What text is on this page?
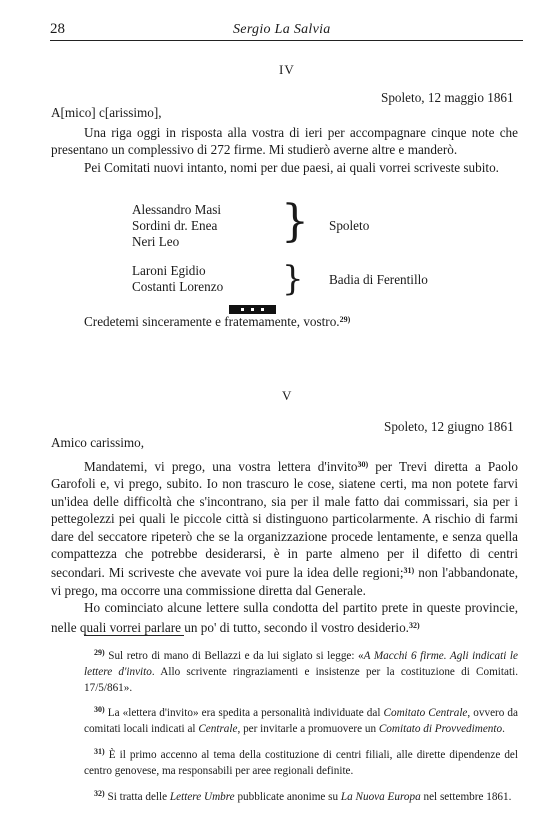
28	Sergio La Salvia
IV
Spoleto, 12 maggio 1861
A[mico] c[arissimo],

Una riga oggi in risposta alla vostra di ieri per accompagnare cinque note che presentano un complessivo di 272 firme. Mi studierò averne altre e manderò.

Pei Comitati nuovi intanto, nomi per due paesi, ai quali vorrei scriveste subito.

Alessandro Masi
Sordini dr. Enea
Neri Leo	} Spoleto
Laroni Egidio
Costanti Lorenzo } Badia di Ferentillo
Credetemi sinceramente e fratemamente, vostro.$^{29)}$
V
Spoleto, 12 giugno 1861
Amico carissimo,

Mandatemi, vi prego, una vostra lettera d'invito$^{30)}$ per Trevi diretta a Paolo Garofoli e, vi prego, subito. Io non trascuro le cose, siatene certi, ma non potete farvi un'idea delle difficoltà che s'incontrano, sia per il male fatto dai commissari, sia per i pettegolezzi pei quali le piccole città si distinguono particolarmente. A rischio di farmi dare del seccatore ripeterò che se la organizzazione procede lentamente, e senza quella compattezza che potrebbe desiderarsi, è in parte almeno per il difetto di centri secondari. Mi scriveste che avevate voi pure la idea delle regioni;$^{31)}$ non l'abbandonate, vi prego, ma occorre una commissione diretta dal Generale.

Ho cominciato alcune lettere sulla condotta del partito prete in queste provincie, nelle quali vorrei parlare un po' di tutto, secondo il vostro desiderio.$^{32)}$

$^{29)}$ Sul retro di mano di Bellazzi e da lui siglato si legge: «A Macchi 6 firme. Agli indicati le lettere d'invito. Allo scrivente ringraziamenti e insistenze per la costituzione di Comitati. 17/5/861».

$^{30)}$ La «lettera d'invito» era spedita a personalità individuate dal Comitato Centrale, ovvero da comitati locali indicati al Centrale, per invitarle a promuovere un Comitato di Provvedimento.

$^{31)}$ È il primo accenno al tema della costituzione di centri filiali, alle dirette dipendenze del centro genovese, ma responsabili per aree regionali definite.

$^{32)}$ Si tratta delle Lettere Umbre pubblicate anonime su La Nuova Europa nel settembre 1861.
